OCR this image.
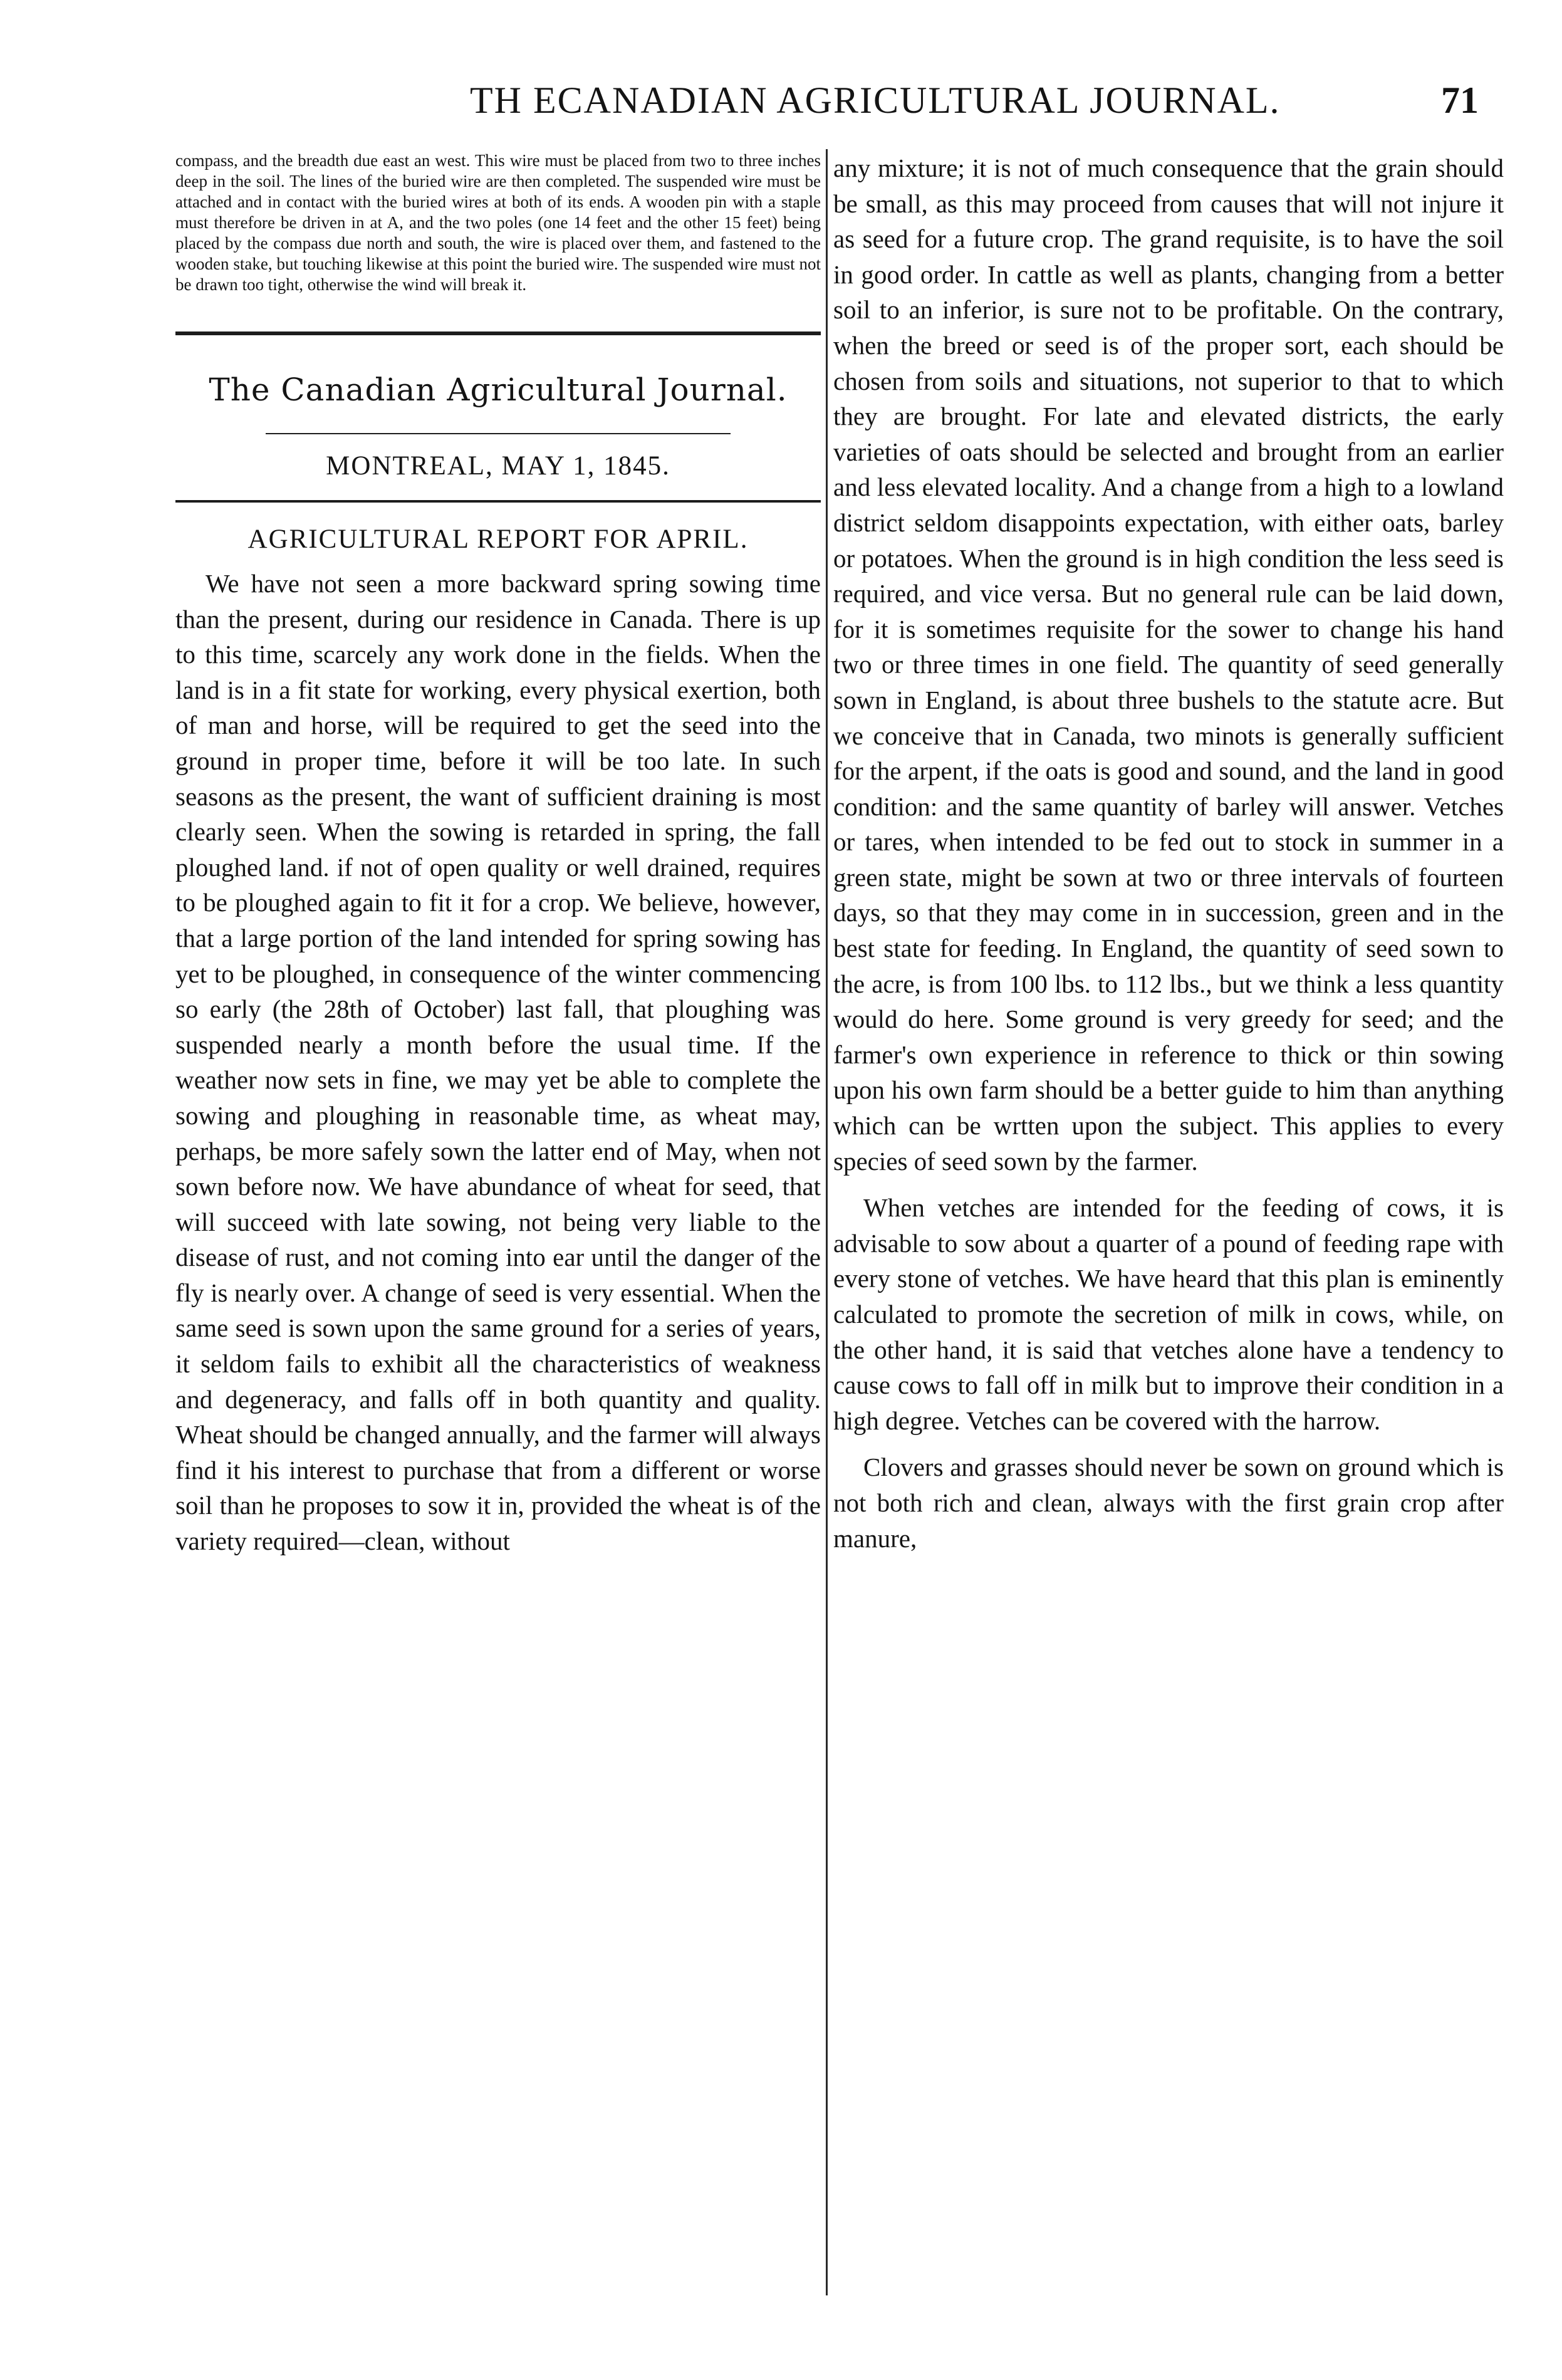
TH ECANADIAN AGRICULTURAL JOURNAL.	71

compass, and the breadth due east an west. This wire must be placed from two to three inches deep in the soil. The lines of the buried wire are then completed. The suspended wire must be attached and in contact with the buried wires at both of its ends. A wooden pin with a staple must therefore be driven in at A, and the two poles (one 14 feet and the other 15 feet) being placed by the compass due north and south, the wire is placed over them, and fastened to the wooden stake, but touching likewise at this point the buried wire. The suspended wire must not be drawn too tight, otherwise the wind will break it.

The Canadian Agricultural Journal.
MONTREAL, MAY 1, 1845.
AGRICULTURAL REPORT FOR APRIL.

We have not seen a more backward spring sowing time than the present, during our residence in Canada. There is up to this time, scarcely any work done in the fields. When the land is in a fit state for working, every physical exertion, both of man and horse, will be required to get the seed into the ground in proper time, before it will be too late. In such seasons as the present, the want of sufficient draining is most clearly seen. When the sowing is retarded in spring, the fall ploughed land. if not of open quality or well drained, requires to be ploughed again to fit it for a crop. We believe, however, that a large portion of the land intended for spring sowing has yet to be ploughed, in consequence of the winter commencing so early (the 28th of October) last fall, that ploughing was suspended nearly a month before the usual time. If the weather now sets in fine, we may yet be able to complete the sowing and ploughing in reasonable time, as wheat may, perhaps, be more safely sown the latter end of May, when not sown before now. We have abundance of wheat for seed, that will succeed with late sowing, not being very liable to the disease of rust, and not coming into ear until the danger of the fly is nearly over. A change of seed is very essential. When the same seed is sown upon the same ground for a series of years, it seldom fails to exhibit all the characteristics of weakness and degeneracy, and falls off in both quantity and quality. Wheat should be changed annually, and the farmer will always find it his interest to purchase that from a different or worse soil than he proposes to sow it in, provided the wheat is of the variety required—clean, without

any mixture; it is not of much consequence that the grain should be small, as this may proceed from causes that will not injure it as seed for a future crop. The grand requisite, is to have the soil in good order. In cattle as well as plants, changing from a better soil to an inferior, is sure not to be profitable. On the contrary, when the breed or seed is of the proper sort, each should be chosen from soils and situations, not superior to that to which they are brought. For late and elevated districts, the early varieties of oats should be selected and brought from an earlier and less elevated locality. And a change from a high to a lowland district seldom disappoints expectation, with either oats, barley or potatoes. When the ground is in high condition the less seed is required, and vice versa. But no general rule can be laid down, for it is sometimes requisite for the sower to change his hand two or three times in one field. The quantity of seed generally sown in England, is about three bushels to the statute acre. But we conceive that in Canada, two minots is generally sufficient for the arpent, if the oats is good and sound, and the land in good condition: and the same quantity of barley will answer. Vetches or tares, when intended to be fed out to stock in summer in a green state, might be sown at two or three intervals of fourteen days, so that they may come in in succession, green and in the best state for feeding. In England, the quantity of seed sown to the acre, is from 100 lbs. to 112 lbs., but we think a less quantity would do here. Some ground is very greedy for seed; and the farmer's own experience in reference to thick or thin sowing upon his own farm should be a better guide to him than anything which can be wrtten upon the subject. This applies to every species of seed sown by the farmer.

When vetches are intended for the feeding of cows, it is advisable to sow about a quarter of a pound of feeding rape with every stone of vetches. We have heard that this plan is eminently calculated to promote the secretion of milk in cows, while, on the other hand, it is said that vetches alone have a tendency to cause cows to fall off in milk but to improve their condition in a high degree. Vetches can be covered with the harrow.

Clovers and grasses should never be sown on ground which is not both rich and clean, always with the first grain crop after manure,
